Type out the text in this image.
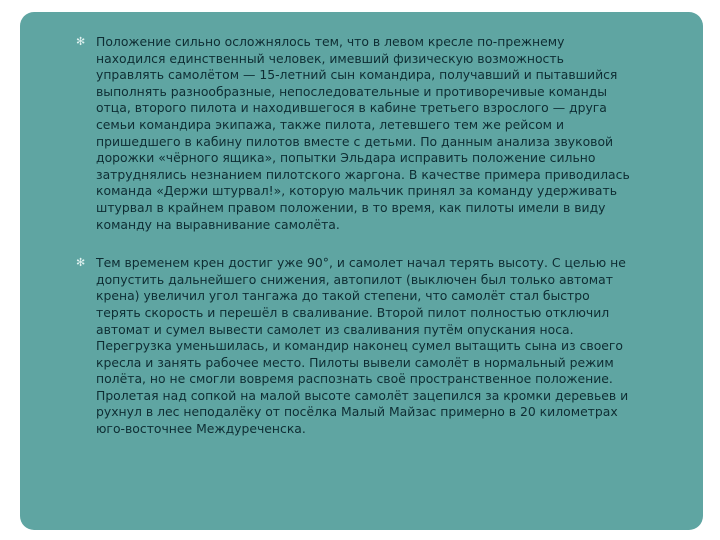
✻ Положение сильно осложнялось тем, что в левом кресле по-прежнему находился единственный человек, имевший физическую возможность управлять самолётом — 15-летний сын командира, получавший и пытавшийся выполнять разнообразные, непоследовательные и противоречивые команды отца, второго пилота и находившегося в кабине третьего взрослого — друга семьи командира экипажа, также пилота, летевшего тем же рейсом и пришедшего в кабину пилотов вместе с детьми. По данным анализа звуковой дорожки «чёрного ящика», попытки Эльдара исправить положение сильно затруднялись незнанием пилотского жаргона. В качестве примера приводилась команда «Держи штурвал!», которую мальчик принял за команду удерживать штурвал в крайнем правом положении, в то время, как пилоты имели в виду команду на выравнивание самолёта.
✻ Тем временем крен достиг уже 90°, и самолет начал терять высоту. С целью не допустить дальнейшего снижения, автопилот (выключен был только автомат крена) увеличил угол тангажа до такой степени, что самолёт стал быстро терять скорость и перешёл в сваливание. Второй пилот полностью отключил автомат и сумел вывести самолет из сваливания путём опускания носа. Перегрузка уменьшилась, и командир наконец сумел вытащить сына из своего кресла и занять рабочее место. Пилоты вывели самолёт в нормальный режим полёта, но не смогли вовремя распознать своё пространственное положение. Пролетая над сопкой на малой высоте самолёт зацепился за кромки деревьев и рухнул в лес неподалёку от посёлка Малый Майзас примерно в 20 километрах юго-восточнее Междуреченска.
